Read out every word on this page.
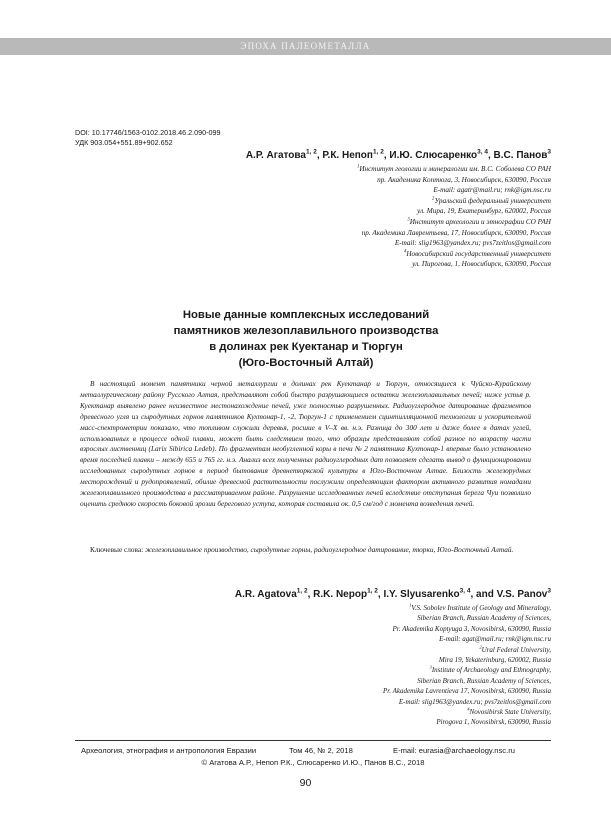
ЭПОХА ПАЛЕОМЕТАЛЛА
DOI: 10.17746/1563-0102.2018.46.2.090-099
УДК 903.054+551.89+902.652
А.Р. Агатова$^{1, 2}$, Р.К. Непоп$^{1, 2}$, И.Ю. Слюсаренко$^{3, 4}$, В.С. Панов$^3$
$^1$Институт геологии и минералогии им. В.С. Соболева СО РАН
пр. Академика Коптюга, 3, Новосибирск, 630090, Россия
E-mail: agatr@mail.ru; rnk@igm.nsc.ru
$^2$Уральский федеральный университет
ул. Мира, 19, Екатеринбург, 620002, Россия
$^3$Институт археологии и этнографии СО РАН
пр. Академика Лаврентьева, 17, Новосибирск, 630090, Россия
E-mail: slig1963@yandex.ru; pvs7zeitlos@gmail.com
$^4$Новосибирский государственный университет
ул. Пирогова, 1, Новосибирск, 630090, Россия
Новые данные комплексных исследований
памятников железоплавильного производства
в долинах рек Куектанар и Тюргун
(Юго-Восточный Алтай)
В настоящий момент памятники черной металлургии в долинах рек Куектанар и Тюргун, относящиеся к Чуйско-Курайскому металлургическому району Русского Алтая, представляют собой быстро разрушающиеся остатки железоплавильных печей; ниже устья р. Куектанар выявлено ранее неизвестное местонахождение печей, уже полностью разрушенных. Радиоуглеродное датирование фрагментов древесного угля из сыродутных горнов памятников Кухтонар-1, -2, Тюргун-1 с применением сцинтилляционной технологии и ускорительной масс-спектрометрии показало, что топливом служили деревья, росшие в V–X вв. н.э. Разница до 300 лет и даже более в датах углей, использованных в процессе одной плавки, может быть следствием того, что образцы представляют собой разное по возрасту части взрослых лиственниц (Larix Sibirica Ledeb). По фрагментам необугленной коры в печи № 2 памятника Кухтонар-1 впервые было установлено время последней плавки – между 655 и 765 гг. н.э. Анализ всех полученных радиоуглеродных дат позволяет сделать вывод о функционировании исследованных сыродутных горнов в период бытования древнетюркской культуры в Юго-Восточном Алтае. Близость железорудных месторождений и рудопроявлений, обилие древесной растительности послужили определяющим фактором активного развития номадами железоплавильного производства в рассматриваемом районе. Разрушение исследованных печей вследствие отступания берега Чуи позволило оценить среднюю скорость боковой эрозии берегового уступа, которая составила ок. 0,5 см/год с момента возведения печей.
Ключевые слова: железоплавильное производство, сыродутные горны, радиоуглеродное датирование, тюрки, Юго-Восточный Алтай.
A.R. Agatova$^{1, 2}$, R.K. Nepop$^{1, 2}$, I.Y. Slyusarenko$^{3, 4}$, and V.S. Panov$^3$
$^1$V.S. Sobolev Institute of Geology and Mineralogy,
Siberian Branch, Russian Academy of Sciences,
Pr. Akademika Koptyuga 3, Novosibirsk, 630090, Russia
E-mail: agat@mail.ru; rnk@igm.nsc.ru
$^2$Ural Federal University,
Mira 19, Yekaterinburg, 620002, Russia
$^3$Institute of Archaeology and Ethnography,
Siberian Branch, Russian Academy of Sciences,
Pr. Akademika Lavrentieva 17, Novosibirsk, 630090, Russia
E-mail: slig1963@yandex.ru; pvs7zeitlos@gmail.com
$^4$Novosibirsk State University,
Pirogova 1, Novosibirsk, 630090, Russia
Археология, этнография и антропология Евразии	Том 46, № 2, 2018	E-mail: eurasia@archaeology.nsc.ru
© Агатова А.Р., Непоп Р.К., Слюсаренко И.Ю., Панов В.С., 2018
90
